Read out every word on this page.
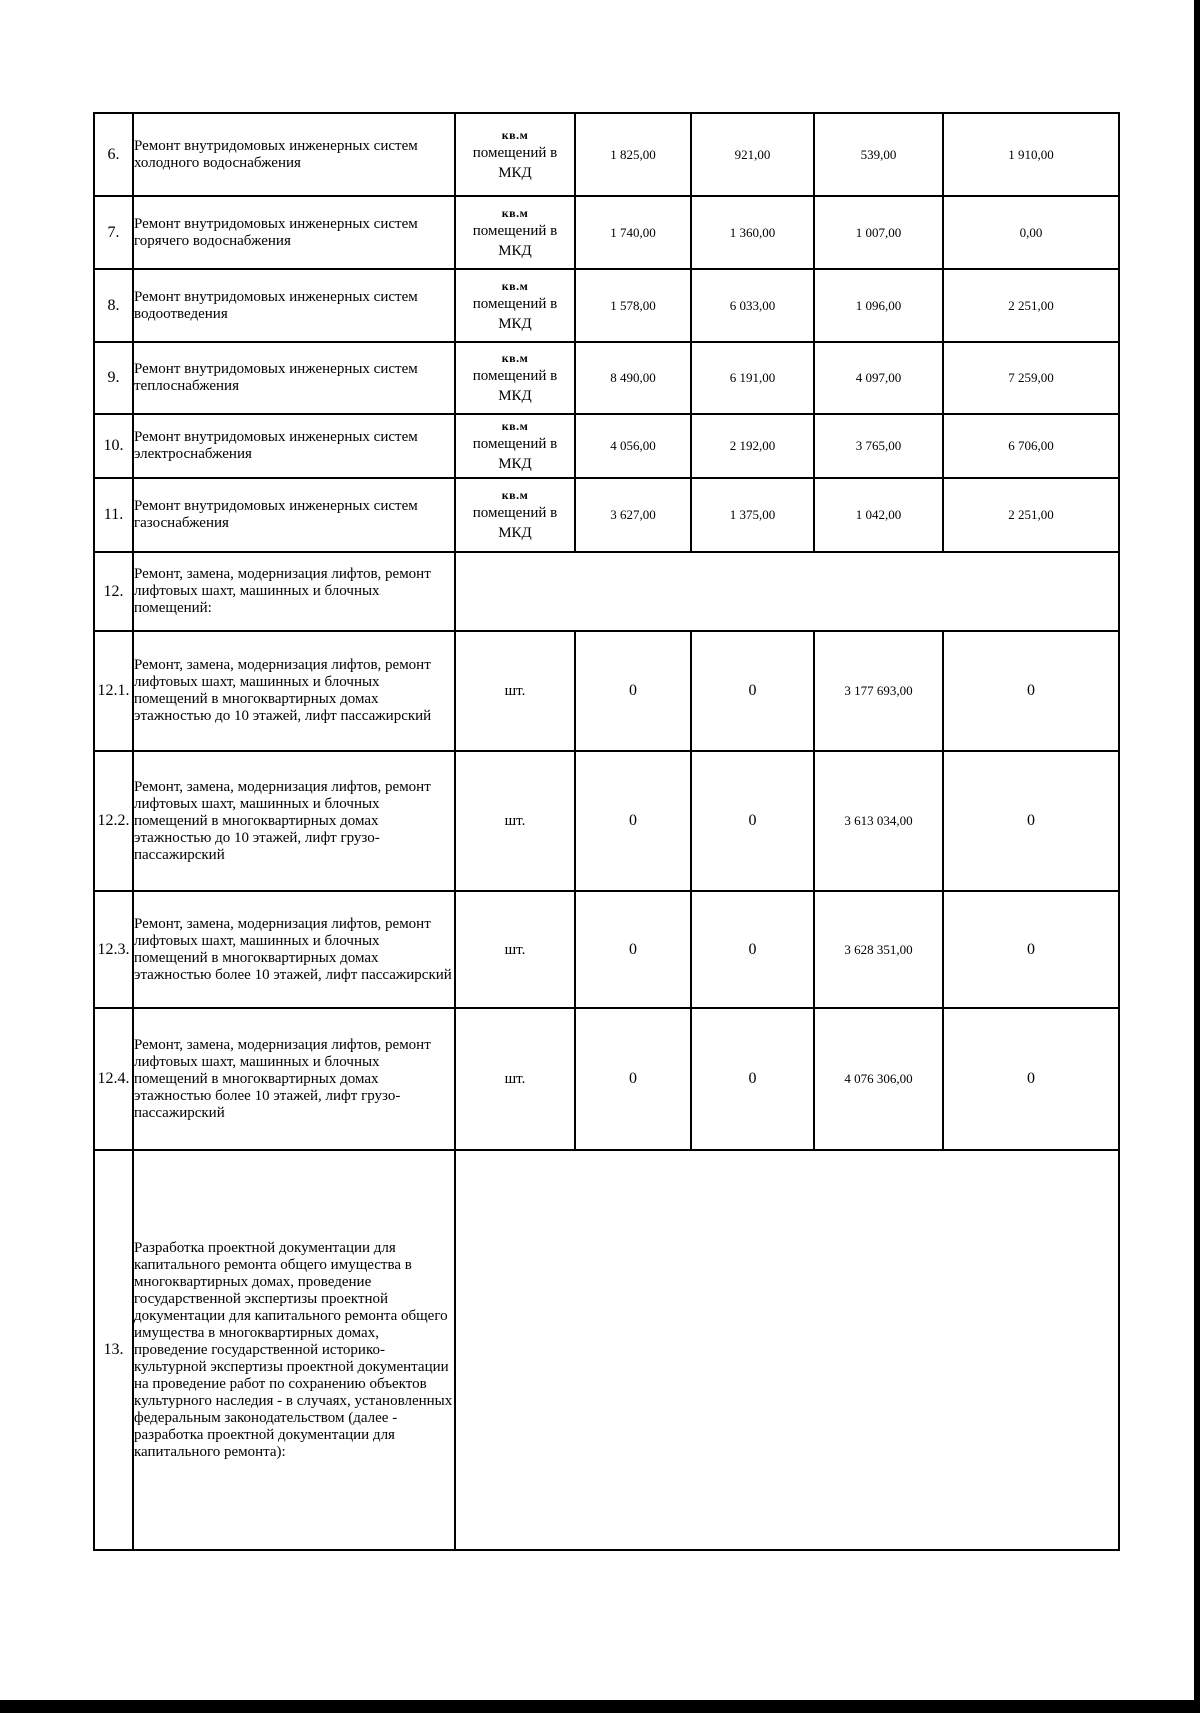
6.	Ремонт внутридомовых инженерных систем холодного водоснабжения	кв.м
помещений в
МКД	1 825,00	921,00	539,00	1 910,00
7.	Ремонт внутридомовых инженерных систем горячего водоснабжения	кв.м
помещений в
МКД	1 740,00	1 360,00	1 007,00	0,00
8.	Ремонт внутридомовых инженерных систем водоотведения	кв.м
помещений в
МКД	1 578,00	6 033,00	1 096,00	2 251,00
9.	Ремонт внутридомовых инженерных систем теплоснабжения	кв.м
помещений в
МКД	8 490,00	6 191,00	4 097,00	7 259,00
10.	Ремонт внутридомовых инженерных систем электроснабжения	кв.м
помещений в
МКД	4 056,00	2 192,00	3 765,00	6 706,00
11.	Ремонт внутридомовых инженерных систем газоснабжения	кв.м
помещений в
МКД	3 627,00	1 375,00	1 042,00	2 251,00
12.	Ремонт, замена, модернизация лифтов, ремонт лифтовых шахт, машинных и блочных помещений:					
12.1.	Ремонт, замена, модернизация лифтов, ремонт лифтовых шахт, машинных и блочных помещений в многоквартирных домах этажностью до 10 этажей, лифт пассажирский	шт.	0	0	3 177 693,00	0
12.2.	Ремонт, замена, модернизация лифтов, ремонт лифтовых шахт, машинных и блочных помещений в многоквартирных домах этажностью до 10 этажей, лифт грузо-пассажирский	шт.	0	0	3 613 034,00	0
12.3.	Ремонт, замена, модернизация лифтов, ремонт лифтовых шахт, машинных и блочных помещений в многоквартирных домах этажностью более 10 этажей, лифт пассажирский	шт.	0	0	3 628 351,00	0
12.4.	Ремонт, замена, модернизация лифтов, ремонт лифтовых шахт, машинных и блочных помещений в многоквартирных домах этажностью более 10 этажей, лифт грузо-пассажирский	шт.	0	0	4 076 306,00	0
13.	Разработка проектной документации для капитального ремонта общего имущества в многоквартирных домах, проведение государственной экспертизы проектной документации для капитального ремонта общего имущества в многоквартирных домах, проведение государственной историко-культурной экспертизы проектной документации на проведение работ по сохранению объектов культурного наследия - в случаях, установленных федеральным законодательством (далее - разработка проектной документации для капитального ремонта):					
